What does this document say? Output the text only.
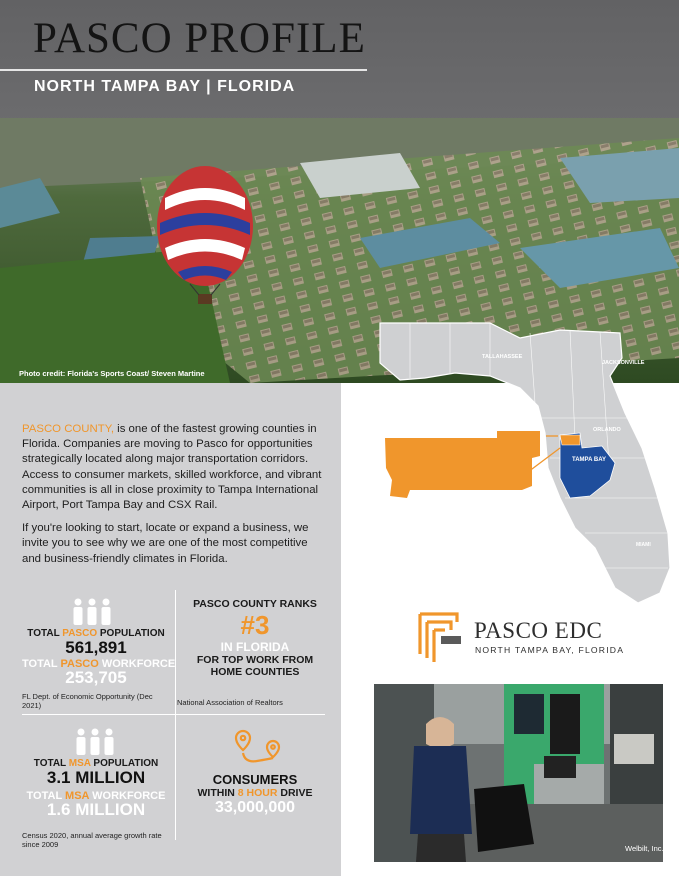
PASCO PROFILE
NORTH TAMPA BAY | FLORIDA
TALLAHASSEE
JACKSONVILLE
ORLANDO
TAMPA BAY
MIAMI
Photo credit: Florida's Sports Coast/ Steven Martine

PASCO COUNTY, is one of the fastest growing counties in Florida. Companies are moving to Pasco for opportunities strategically located along major transportation corridors. Access to consumer markets, skilled workforce, and vibrant communities is all in close proximity to Tampa International Airport, Port Tampa Bay and CSX Rail.

If you're looking to start, locate or expand a business, we invite you to see why we are one of the most competitive and business-friendly climates in Florida.

TOTAL PASCO POPULATION
561,891
TOTAL PASCO WORKFORCE
253,705
FL Dept. of Economic Opportunity (Dec 2021)
PASCO COUNTY RANKS
#3
IN FLORIDA
FOR TOP WORK FROM
HOME COUNTIES
National Association of Realtors
TOTAL MSA POPULATION
3.1 MILLION
TOTAL MSA WORKFORCE
1.6 MILLION
Census 2020, annual average growth rate since 2009
CONSUMERS
WITHIN 8 HOUR DRIVE
33,000,000
PASCO EDC
NORTH TAMPA BAY, FLORIDA
Welbilt, Inc.
